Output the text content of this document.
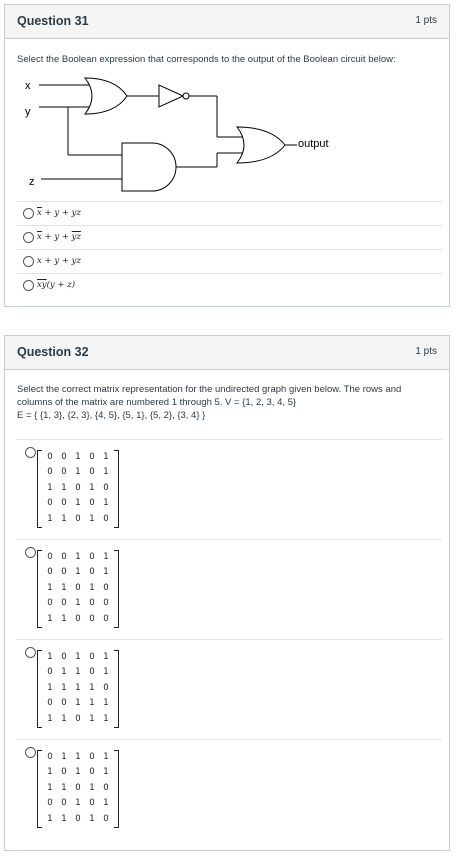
Question 31	1 pts
Select the Boolean expression that corresponds to the output of the Boolean circuit below:
x
y
z
output
$\overline{x} + y$ + yz
$\overline{x} + y + \overline{yz}$
x + y + yz
$\overline{xy}(y + z)$
Question 32	1 pts
Select the correct matrix representation for the undirected graph given below. The rows and
columns of the matrix are numbered 1 through 5. V = {1, 2, 3, 4, 5}
E = { {1, 3}, {2, 3}, {4, 5}, {5, 1}, {5, 2}, {3, 4} }
0	0	1	0	1
0	0	1	0	1
1	1	0	1	0
0	0	1	0	1
1	1	0	1	0
0	0	1	0	1
0	0	1	0	1
1	1	0	1	0
0	0	1	0	0
1	1	0	0	0
1	0	1	0	1
0	1	1	0	1
1	1	1	1	0
0	0	1	1	1
1	1	0	1	1
0	1	1	0	1
1	0	1	0	1
1	1	0	1	0
0	0	1	0	1
1	1	0	1	0
